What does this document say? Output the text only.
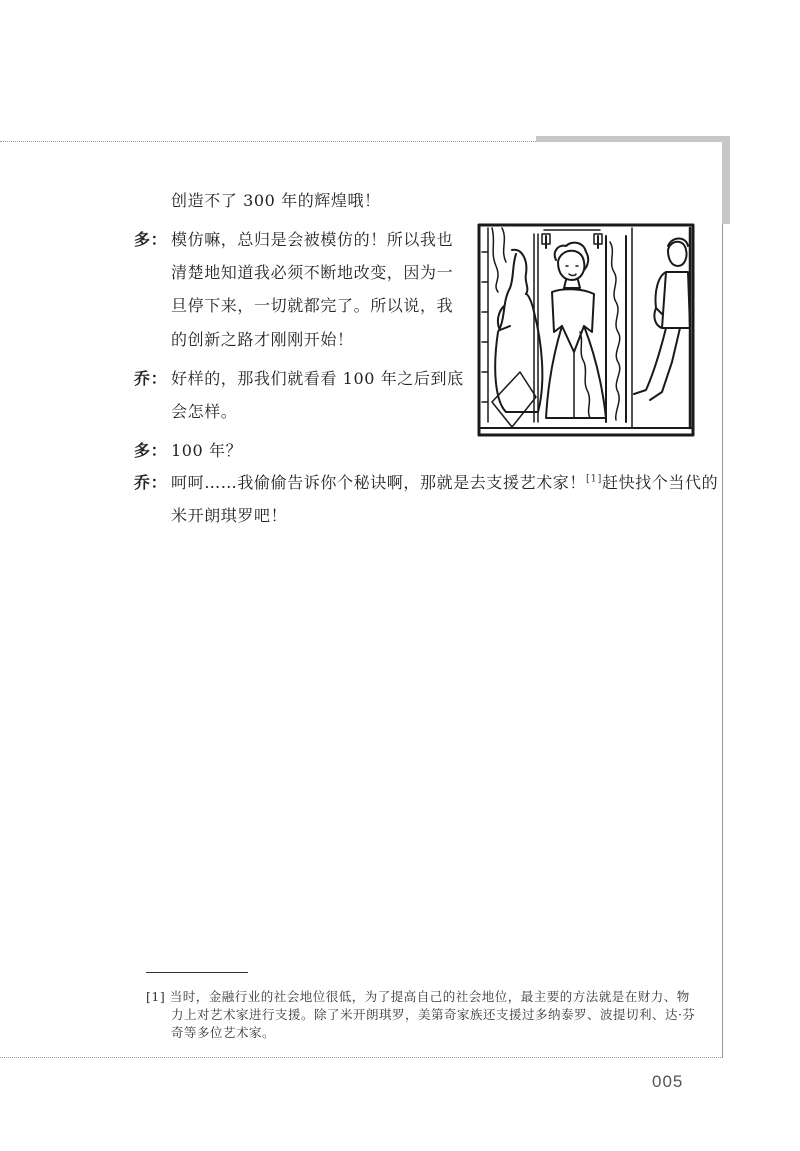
创造不了 300 年的辉煌哦！
多： 模仿嘛，总归是会被模仿的！所以我也
清楚地知道我必须不断地改变，因为一
旦停下来，一切就都完了。所以说，我
的创新之路才刚刚开始！
乔： 好样的，那我们就看看 100 年之后到底
会怎样。
多： 100 年？
乔： 呵呵……我偷偷告诉你个秘诀啊，那就是去支援艺术家！[1]赶快找个当代的
米开朗琪罗吧！
[1] 当时，金融行业的社会地位很低，为了提高自己的社会地位，最主要的方法就是在财力、物
力上对艺术家进行支援。除了米开朗琪罗，美第奇家族还支援过多纳泰罗、波提切利、达·芬
奇等多位艺术家。
005
